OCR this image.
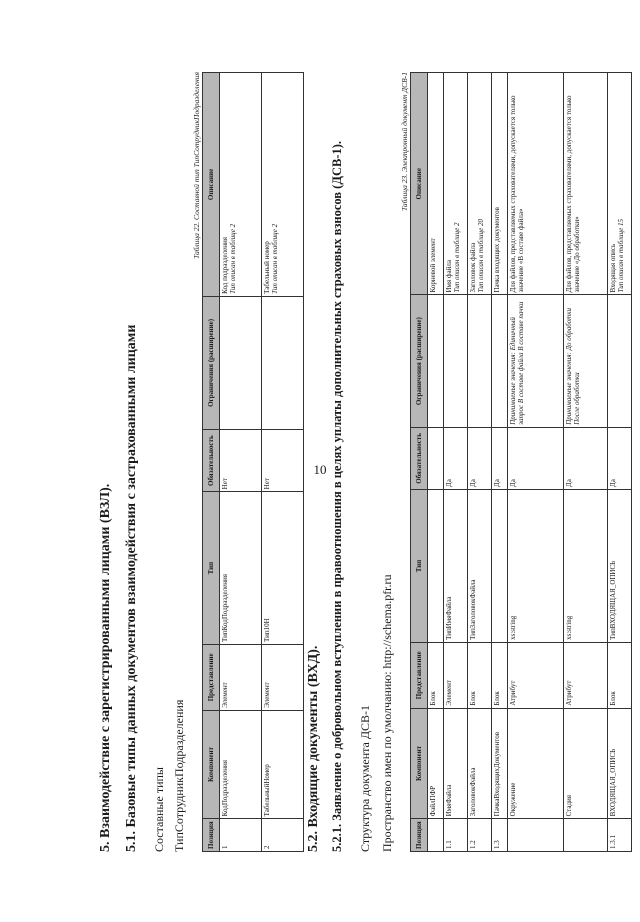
10
5. Взаимодействие с зарегистрированными лицами (ВЗЛ). 5.1. Базовые типы данных документов взаимодействия с застрахованными лицами Составные типы ТипСотрудникПодразделения
Таблица 22. Составной тип ТипСотрудникПодразделения
Позиция	Компонент	Представление	Тип	Обязательность	Ограничения (расширение)	Описание
1	КодПодразделения	Элемент	ТипКодПодразделения	Нет		Код подразделения Тип описан в таблице 2

2	ТабельныйНомер	Элемент	Тип10Н	Нет		Табельный номер Тип описан в таблице 2
5.2. Входящие документы (ВХД). 5.2.1. Заявление о добровольном вступлении в правоотношения в целях уплаты дополнительных страховых взносов (ДСВ-1). Структура документа ДСВ-1 Пространство имен по умолчанию: http://schema.pfr.ru
Таблица 23. Электронный документ ДСВ-1
Позиция	Компонент	Представление	Тип	Обязательность	Ограничения (расширение)	Описание
	ФайлПФР	Блок				Корневой элемент

1.1	ИмяФайла	Элемент	ТипИмяФайла	Да		Имя файла Тип описан в таблице 2

1.2	ЗаголовокФайла	Блок	ТипЗаголовокФайла	Да		Заголовок файла Тип описан в таблице 20

1.3	ПачкаВходящихДокументов	Блок		Да		Пачка входящих документов

	Окружение	Атрибут	xs:string	Да	Принимаемые значения: Единичный запрос В составе файла В составе пачки	Для файлов, представляемых страхователями, допускается только значение «В составе файла»

	Стадия	Атрибут	xs:string	Да	Принимаемые значения: До обработки После обработки	Для файлов, представляемых страхователями, допускается только значение «До обработки»

1.3.1	ВХОДЯЩАЯ_ОПИСЬ	Блок	ТипВХОДЯЩАЯ_ОПИСЬ	Да		Входящая опись Тип описан в таблице 15
